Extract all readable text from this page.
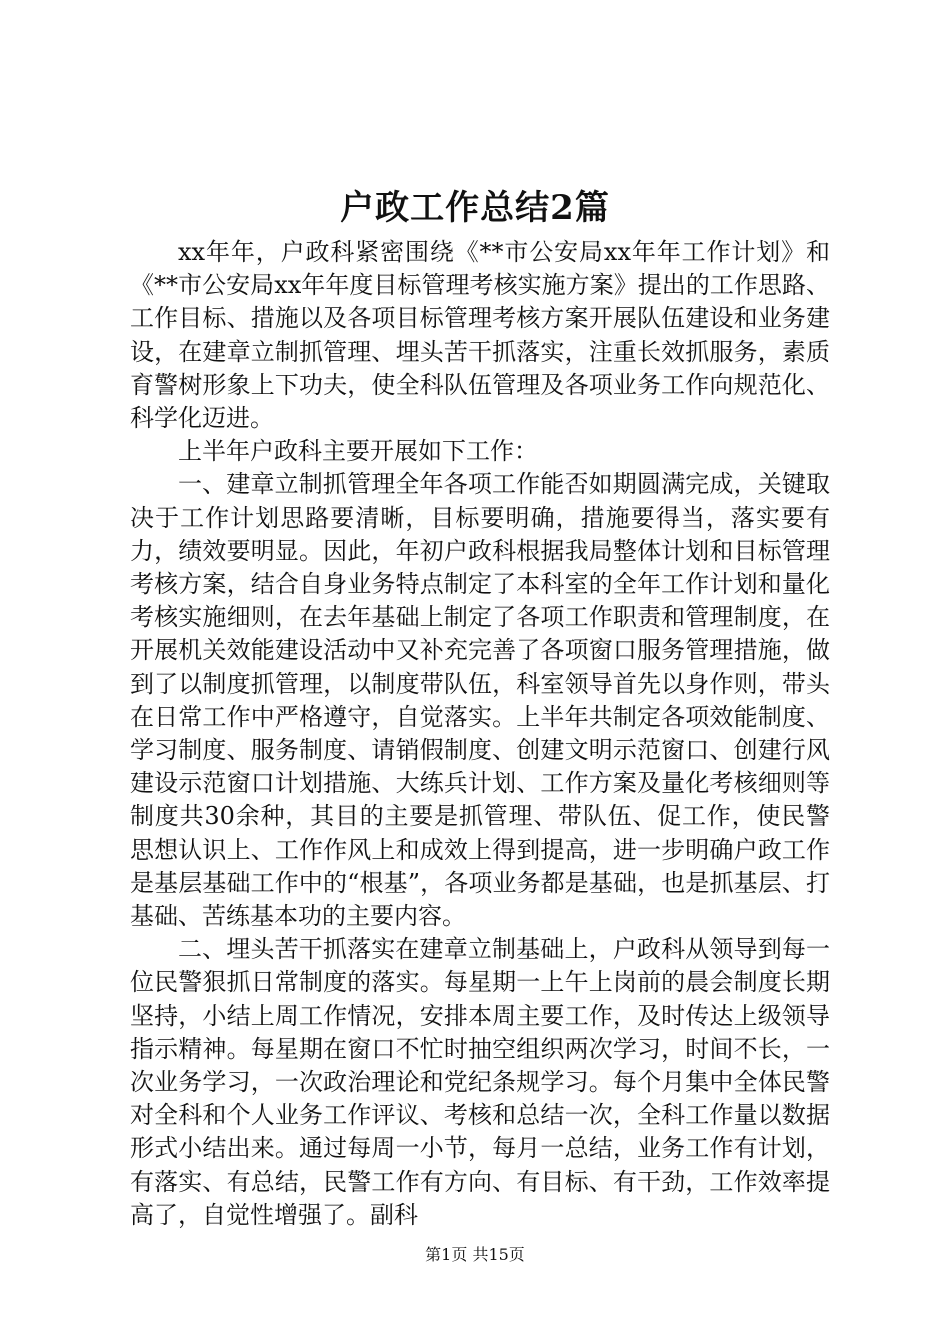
户政工作总结2篇

xx年年，户政科紧密围绕《**市公安局xx年年工作计划》和《**市公安局xx年年度目标管理考核实施方案》提出的工作思路、工作目标、措施以及各项目标管理考核方案开展队伍建设和业务建设，在建章立制抓管理、埋头苦干抓落实，注重长效抓服务，素质育警树形象上下功夫，使全科队伍管理及各项业务工作向规范化、科学化迈进。

上半年户政科主要开展如下工作：

一、建章立制抓管理全年各项工作能否如期圆满完成，关键取决于工作计划思路要清晰，目标要明确，措施要得当，落实要有力，绩效要明显。因此，年初户政科根据我局整体计划和目标管理考核方案，结合自身业务特点制定了本科室的全年工作计划和量化考核实施细则，在去年基础上制定了各项工作职责和管理制度，在开展机关效能建设活动中又补充完善了各项窗口服务管理措施，做到了以制度抓管理，以制度带队伍，科室领导首先以身作则，带头在日常工作中严格遵守，自觉落实。上半年共制定各项效能制度、学习制度、服务制度、请销假制度、创建文明示范窗口、创建行风建设示范窗口计划措施、大练兵计划、工作方案及量化考核细则等制度共30余种，其目的主要是抓管理、带队伍、促工作，使民警思想认识上、工作作风上和成效上得到提高，进一步明确户政工作是基层基础工作中的“根基”，各项业务都是基础，也是抓基层、打基础、苦练基本功的主要内容。

二、埋头苦干抓落实在建章立制基础上，户政科从领导到每一位民警狠抓日常制度的落实。每星期一上午上岗前的晨会制度长期坚持，小结上周工作情况，安排本周主要工作，及时传达上级领导指示精神。每星期在窗口不忙时抽空组织两次学习，时间不长，一次业务学习，一次政治理论和党纪条规学习。每个月集中全体民警对全科和个人业务工作评议、考核和总结一次，全科工作量以数据形式小结出来。通过每周一小节，每月一总结，业务工作有计划，有落实、有总结，民警工作有方向、有目标、有干劲，工作效率提高了，自觉性增强了。副科

第1页 共15页
